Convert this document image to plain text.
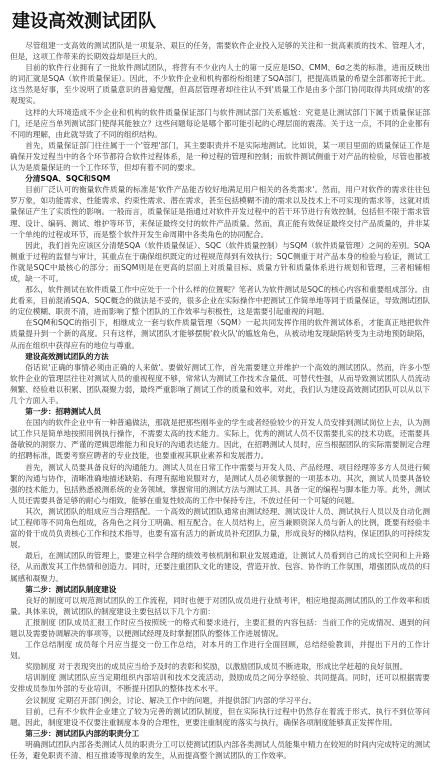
建设高效测试团队

尽管组建一支高效的测试团队是一项复杂、艰巨的任务，需要软件企业投入足够的关注和一批高素质的技术、管理人才，但是，这项工作带来的长期效益却是巨大的。

目前的软件行业拥有了一批软件测试团队，将营有不少业内人士的第一反应是ISO、CMM、6σ之类的标准，进而反映出的词汇就是SQA（软件质量保证）。因此，不少软件企业和机构都纷纷组建了SQA部门，把提高质量的希望全部都寄托于此。这当然是好事，至少说明了质量意识的普遍觉醒，但高层管理者却往往认不到'质量工作是由多个部门协同取得共同成绩'的客观现实。

这样的大环境造成不少企业和机构的软件质量保证部门与软件测试部门关系尴尬：究竟是让测试部门下属于质量保证部门，还是应当单列测试部门使得其能独立？这些问题每论是哪个都可能引起的心理层面的震荡。关于这一点，不同的企业都有不同的理解，由此就导致了不同的组织结构。

首先，质量保证部门往往属于一个'管理'部门，其主要职责并不是实际地测试。比如说，某一项目里面的质量保证工作是确保开发过程当中的各个环节都符合软件过程体系，是一种过程的管理和控制；而软件测试侧重于对产品的检验，尽管也都被认为是质量保证的一个工作环节，但却有着不同的要求。

分清SQA、SQC和SQM

目前厂泛认可的衡量软件质量的标准是'软件产品能否较好地满足用户相关的各类需求'。然而，用户对软件的需求往往包罗万象，如功能需求、性能需求、约束性需求、潜在需求，甚至包括模糊不清的需求以及技术上不可实现的需求等，这就对质量保证产生了实质性的影响。一般而言，质量保证是指通过对软件开发过程中的若干环节进行有效控制，包括但不限于需求管理、设计、编码、测试、维护等环节，来保证最终交付的软件产品质量。然而，真正能有效保证最终交付产品质量的，并非某一个单纯的过程或环节，而是整个软件开发生命周期中各类角色的协同配合。

因此，我们首先应该区分清楚SQA（软件质量保证）、SQC（软件质量控制）与SQM（软件质量管理）之间的差别。SQA侧重于过程的监督与审计，其重点在于确保组织既定的过程规范得到有效执行；SQC侧重于对产品本身的检验与验证，测试工作就是SQC中最核心的部分；而SQM则是在更高的层面上对质量目标、质量方针和质量体系进行规划和管理，三者相辅相成，缺一不可。

那么，软件测试在软件质量工作中应处于一个什么样的位置呢？笔者认为软件测试是SQC的核心内容和重要组成部分。由此看来，目前混淆SQA、SQC概念的做法是不妥的，很多企业在实际操作中把测试工作简单地等同于质量保证，导致测试团队的定位模糊、职责不清，进而影响了整个团队的工作效率与积极性，这是需要引起重视的问题。

在SQM和SQC的指引下，相继成立一套与软件质量管理（SQM）一起共同发挥作用的软件测试体系，才能真正地把软件质量提升到一个新的高度。只有这样，测试团队才能够摆脱'救火队'的尴尬角色，从被动地发现缺陷转变为主动地预防缺陷，从而在组织中获得应有的地位与尊重。

建设高效测试团队的方法

俗话说'正确的事情必须由正确的人来做'。要做好测试工作，首先需要建立并维护一个高效的测试团队。然而，许多小型软件企业的管理层往往对测试人员的重视程度不够，常常认为测试工作技术含量低、可替代性强，从而导致测试团队人员流动频繁、经验难以积累、团队凝聚力弱，最终严重影响了测试工作的质量和效率。对此，我们认为建设高效测试团队可以从以下几个方面入手。

第一步：招聘测试人员

在国内的软件企业中有一种普遍做法，那就是把那些刚毕业的学生或者经验较少的开发人员安排到测试岗位上去，认为测试工作只是简单地按照用例执行操作，不需要太高的技术能力。实际上，优秀的测试人员不仅需要扎实的技术功底，还需要具备敏锐的洞察力、严谨的逻辑思维能力和良好的沟通表达能力。因此，在招聘测试人员时，应当根据团队的实际需要制定合理的招聘标准，既要考察应聘者的专业技能，也要重视其职业素养和发展潜力。

首先，测试人员要具备良好的沟通能力。测试人员在日常工作中需要与开发人员、产品经理、项目经理等多方人员进行频繁的沟通与协作，清晰准确地描述缺陷、有理有据地说服对方，是测试人员必须掌握的一项基本功。其次，测试人员要具备较强的技术能力，包括熟悉被测系统的业务领域、掌握常用的测试方法与测试工具、具备一定的编程与脚本能力等。此外，测试人员还需要具备足够的耐心与细致，能够在重复性较高的工作中保持专注，不放过任何一个可疑的问题。

其次，测试团队的组成应当合理搭配。一个高效的测试团队通常由测试经理、测试设计人员、测试执行人员以及自动化测试工程师等不同角色组成，各角色之间分工明确、相互配合。在人员结构上，应当兼顾资深人员与新人的比例，既要有经验丰富的骨干成员负责核心工作和技术指导，也要有富有活力的新成员补充团队力量，形成良好的梯队结构，保证团队的可持续发展。

最后，在测试团队的管理上，要建立科学合理的绩效考核机制和职业发展通道，让测试人员看到自己的成长空间和上升路径，从而激发其工作热情和创造力。同时，还要注重团队文化的建设，营造开放、包容、协作的工作氛围，增强团队成员的归属感和凝聚力。

第二步：测试团队制度建设

良好的制度可以规范测试团队的工作流程，同时也便于对团队成员进行业绩考评，相应地提高测试团队的工作效率和质量。具体来说，测试团队的制度建设主要包括以下几个方面：

汇报制度 团队成员汇报工作时应当按照统一的格式和要求进行，主要汇报的内容包括：当前工作的完成情况、遇到的问题以及需要协调解决的事项等，以便测试经理及时掌握团队的整体工作进展情况。

工作总结制度 成员每个月应当提交一份工作总结，对本月的工作进行全面回顾，总结经验教训，并提出下月的工作计划。

奖励制度 对于表现突出的成员应当给予及时的表彰和奖励，以激励团队成员不断进取，形成比学赶超的良好氛围。

培训制度 测试团队应当定期组织内部培训和技术交流活动，鼓励成员之间分享经验、共同提高。同时，还可以根据需要安排成员参加外部的专业培训，不断提升团队的整体技术水平。

会议制度 定期召开部门例会，讨论、解决工作中的问题，并提供部门内部的学习平台。

目前，已有不少软件企业建立了较为完善的测试团队制度，但在实际执行过程中仍然存在着流于形式、执行不到位等问题。因此，制度建设不仅要注重制度本身的合理性，更要注重制度的落实与执行，确保各项制度能够真正发挥作用。

第三步：测试团队内部的职责分工

明确测试团队内部各类测试人员的职责分工可以使测试团队内部各类测试人员能集中精力在较短的时间内完成特定的测试任务，避免职责不清、相互推诿等现象的发生，从而提高整个测试团队的工作效率。
